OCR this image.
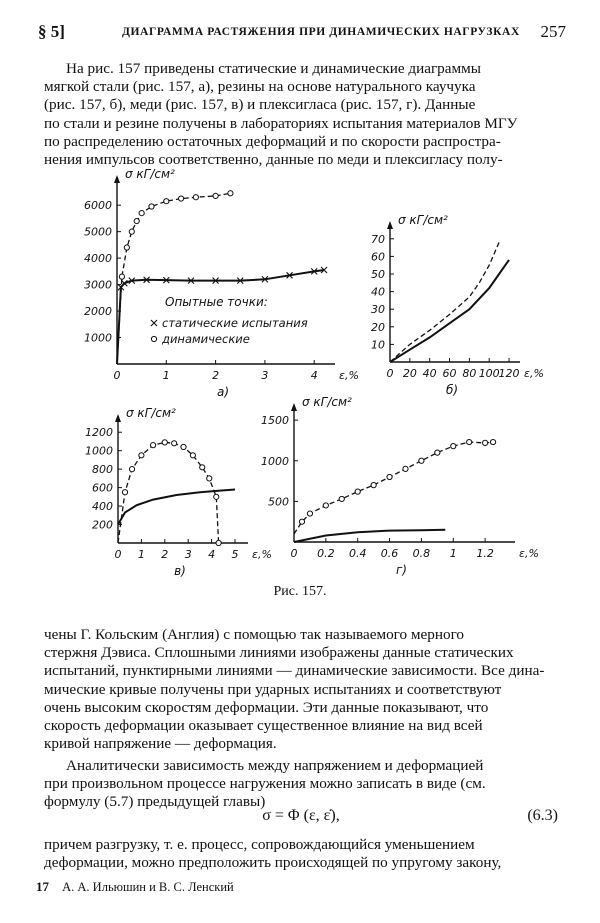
§ 5]	ДИАГРАММА РАСТЯЖЕНИЯ ПРИ ДИНАМИЧЕСКИХ НАГРУЗКАХ 257
На рис. 157 приведены статические и динамические диаграммы
мягкой стали (рис. 157, а), резины на основе натурального каучука
(рис. 157, б), меди (рис. 157, в) и плексигласа (рис. 157, г). Данные
по стали и резине получены в лабораториях испытания материалов МГУ
по распределению остаточных деформаций и по скорости распростра-
нения импульсов соответственно, данные по меди и плексигласу полу-
0	1	2	3	4
1000
2000
3000
4000
5000
6000
σ кГ/см²
ε,%
а)
Опытные точки:
статические испытания
динамические
0 20 40 60 80 100
120
10
20
30
40
50
60
70
σ кГ/см²
ε,%
б)
0 1 2 3 4 5
200
400
600
800
1000
1200
σ кГ/см²
ε,%
в)
0 0.2 0.4 0.6 0.8 1 1.2
500
1000
1500
σ кГ/см²
ε,%
г)
Рис. 157.
чены Г. Кольским (Англия) с помощью так называемого мерного
стержня Дэвиса. Сплошными линиями изображены данные статических
испытаний, пунктирными линиями — динамические зависимости. Все дина-
мические кривые получены при ударных испытаниях и соответствуют
очень высоким скоростям деформации. Эти данные показывают, что
скорость деформации оказывает существенное влияние на вид всей
кривой напряжение — деформация.
Аналитически зависимость между напряжением и деформацией
при произвольном процессе нагружения можно записать в виде (см.
формулу (5.7) предыдущей главы)
σ = Φ (ε, ε̇),	(6.3)
причем разгрузку, т. е. процесс, сопровождающийся уменьшением
деформации, можно предположить происходящей по упругому закону,
17 А. А. Ильюшин и В. С. Ленский
